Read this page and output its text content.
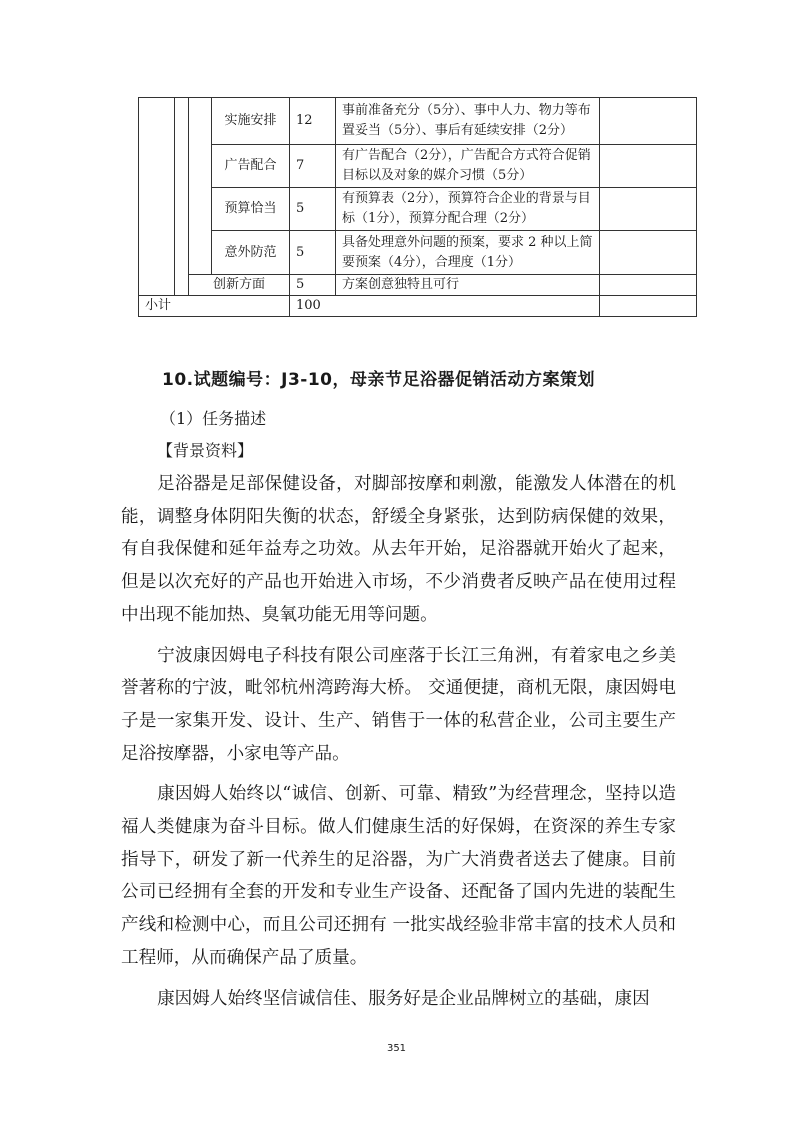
			实施安排	12	事前准备充分（5分）、事中人力、物力等布置妥当（5分）、事后有延续安排（2分）	
			广告配合	7	有广告配合（2分），广告配合方式符合促销目标以及对象的媒介习惯（5分）	
			预算恰当	5	有预算表（2分），预算符合企业的背景与目标（1分），预算分配合理（2分）	
			意外防范	5	具备处理意外问题的预案，要求 2 种以上简要预案（4分），合理度（1分）	
		创新方面		5	方案创意独特且可行	
小计				100		
10.试题编号：J3-10，母亲节足浴器促销活动方案策划
（1）任务描述
【背景资料】

足浴器是足部保健设备，对脚部按摩和刺激，能激发人体潜在的机能，调整身体阴阳失衡的状态，舒缓全身紧张，达到防病保健的效果，有自我保健和延年益寿之功效。从去年开始，足浴器就开始火了起来，但是以次充好的产品也开始进入市场，不少消费者反映产品在使用过程中出现不能加热、臭氧功能无用等问题。

宁波康因姆电子科技有限公司座落于长江三角洲，有着家电之乡美誉著称的宁波，毗邻杭州湾跨海大桥。 交通便捷，商机无限，康因姆电子是一家集开发、设计、生产、销售于一体的私营企业，公司主要生产足浴按摩器，小家电等产品。

康因姆人始终以“诚信、创新、可靠、精致”为经营理念，坚持以造福人类健康为奋斗目标。做人们健康生活的好保姆，在资深的养生专家指导下，研发了新一代养生的足浴器，为广大消费者送去了健康。目前公司已经拥有全套的开发和专业生产设备、还配备了国内先进的装配生产线和检测中心，而且公司还拥有 一批实战经验非常丰富的技术人员和工程师，从而确保产品了质量。

康因姆人始终坚信诚信佳、服务好是企业品牌树立的基础，康因

351
